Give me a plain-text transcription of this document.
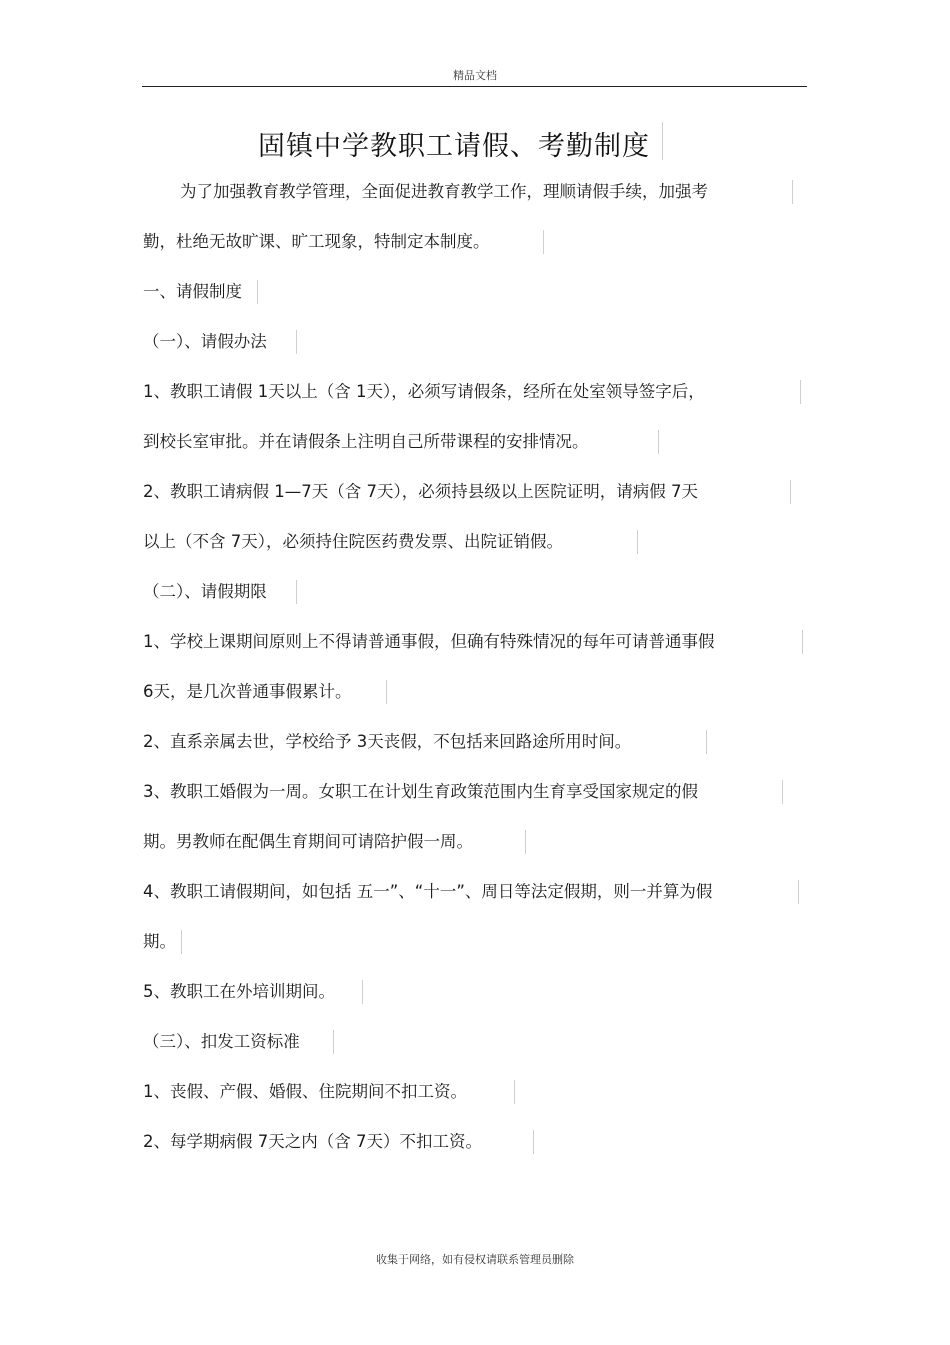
精品文档
固镇中学教职工请假、考勤制度
为了加强教育教学管理，全面促进教育教学工作，理顺请假手续，加强考
勤，杜绝无故旷课、旷工现象，特制定本制度。
一、请假制度
（一）、请假办法
1、教职工请假 1天以上（含 1天），必须写请假条，经所在处室领导签字后，
到校长室审批。并在请假条上注明自己所带课程的安排情况。
2、教职工请病假 1—7天（含 7天），必须持县级以上医院证明，请病假 7天
以上（不含 7天），必须持住院医药费发票、出院证销假。
（二）、请假期限
1、学校上课期间原则上不得请普通事假，但确有特殊情况的每年可请普通事假
6天，是几次普通事假累计。
2、直系亲属去世，学校给予 3天丧假，不包括来回路途所用时间。
3、教职工婚假为一周。女职工在计划生育政策范围内生育享受国家规定的假
期。男教师在配偶生育期间可请陪护假一周。
4、教职工请假期间，如包括 五一”、“十一”、周日等法定假期，则一并算为假
期。
5、教职工在外培训期间。
（三）、扣发工资标准
1、丧假、产假、婚假、住院期间不扣工资。
2、每学期病假 7天之内（含 7天）不扣工资。
收集于网络，如有侵权请联系管理员删除
